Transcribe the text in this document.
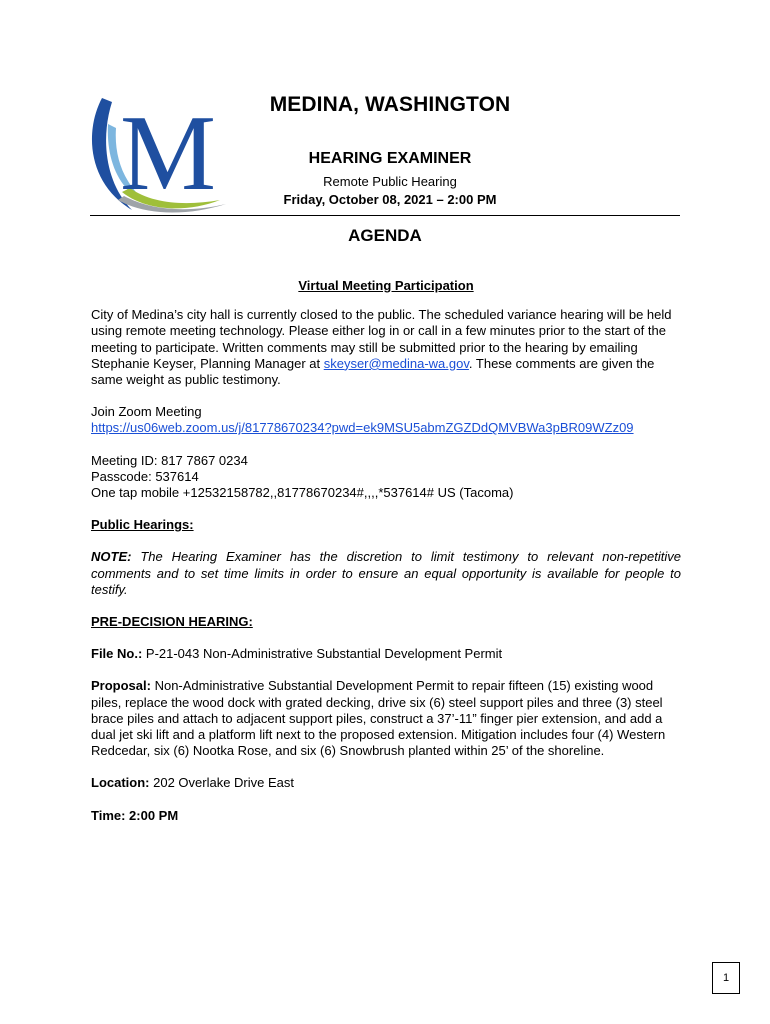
M	MEDINA, WASHINGTON
HEARING EXAMINER
Remote Public Hearing
Friday, October 08, 2021 – 2:00 PM
AGENDA

Virtual Meeting Participation

City of Medina’s city hall is currently closed to the public. The scheduled variance hearing will be held using remote meeting technology. Please either log in or call in a few minutes prior to the start of the meeting to participate. Written comments may still be submitted prior to the hearing by emailing Stephanie Keyser, Planning Manager at skeyser@medina-wa.gov. These comments are given the same weight as public testimony.

Join Zoom Meeting

https://us06web.zoom.us/j/81778670234?pwd=ek9MSU5abmZGZDdQMVBWa3pBR09WZz09

Meeting ID: 817 7867 0234

Passcode: 537614

One tap mobile +12532158782,,81778670234#,,,,*537614# US (Tacoma)

Public Hearings:

NOTE: The Hearing Examiner has the discretion to limit testimony to relevant non-repetitive comments and to set time limits in order to ensure an equal opportunity is available for people to testify.

PRE-DECISION HEARING:

File No.: P-21-043 Non-Administrative Substantial Development Permit

Proposal: Non-Administrative Substantial Development Permit to repair fifteen (15) existing wood piles, replace the wood dock with grated decking, drive six (6) steel support piles and three (3) steel brace piles and attach to adjacent support piles, construct a 37’-11” finger pier extension, and add a dual jet ski lift and a platform lift next to the proposed extension. Mitigation includes four (4) Western Redcedar, six (6) Nootka Rose, and six (6) Snowbrush planted within 25’ of the shoreline.

Location: 202 Overlake Drive East

Time: 2:00 PM

1
